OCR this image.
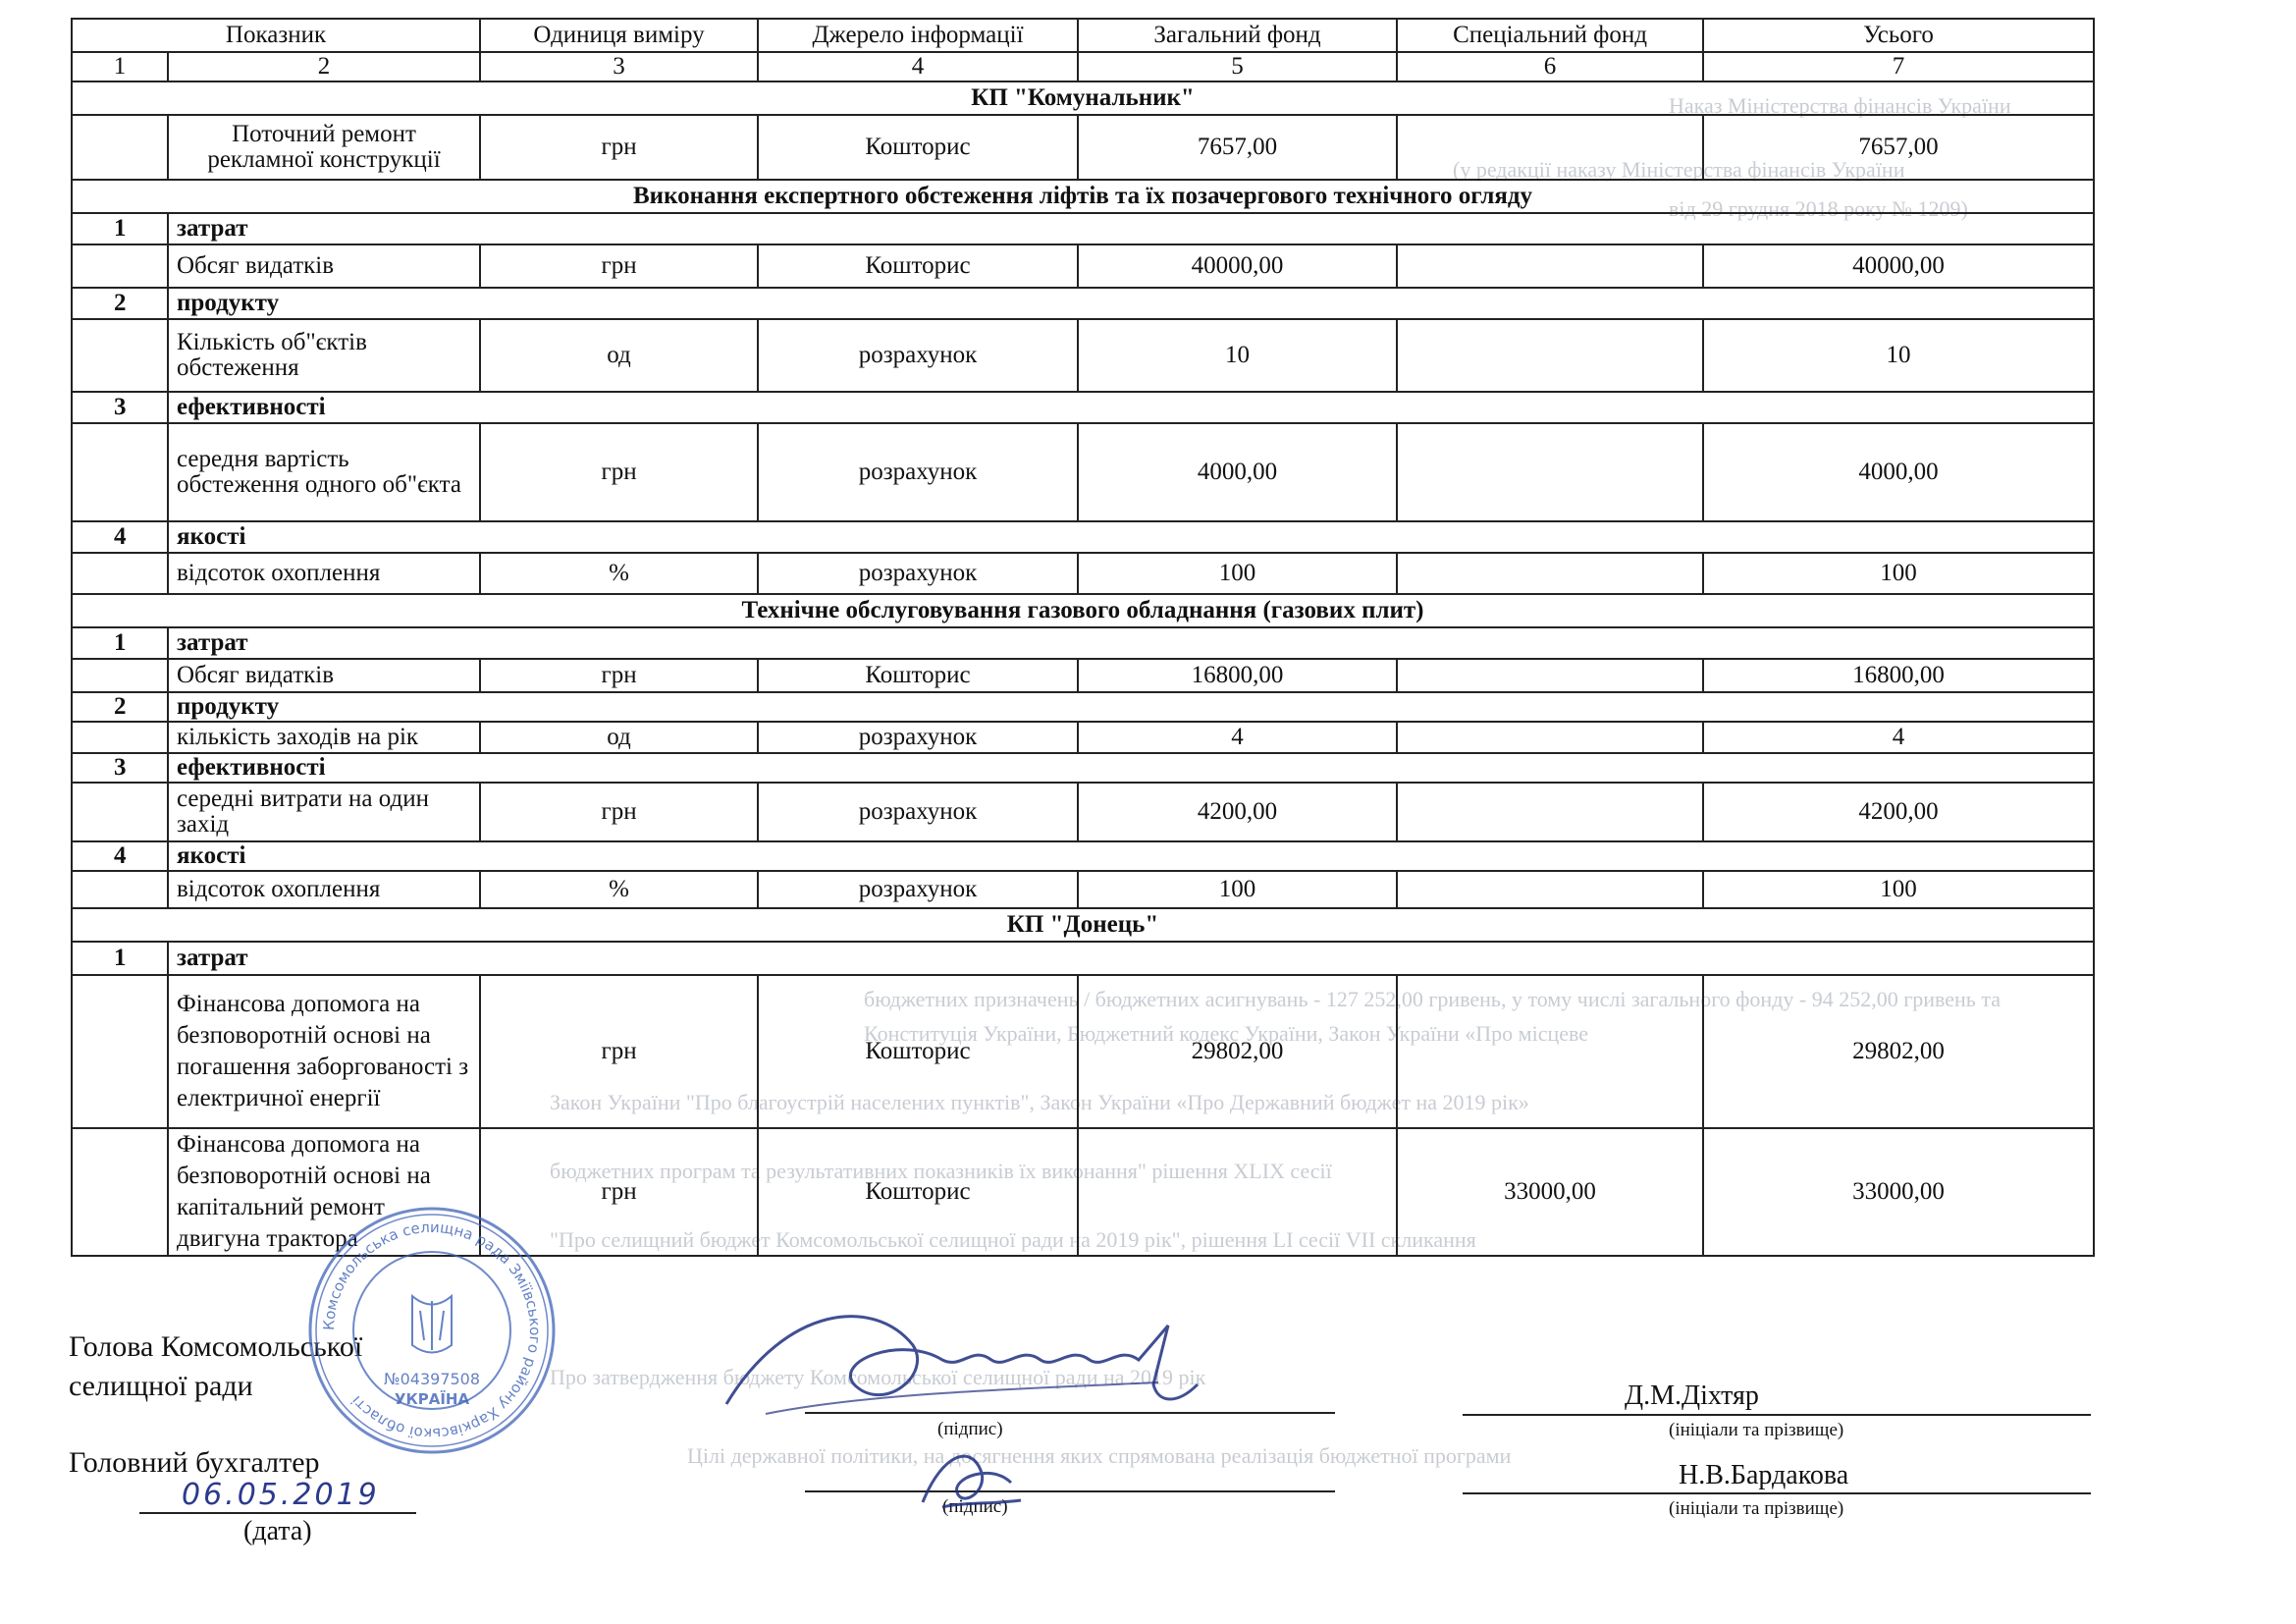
Наказ Міністерства фінансів України
(у редакції наказу Міністерства фінансів України
від 29 грудня 2018 року № 1209)
бюджетних призначень / бюджетних асигнувань - 127 252,00 гривень, у тому числі загального фонду - 94 252,00 гривень та
Конституція України, Бюджетний кодекс України, Закон України «Про місцеве
Закон України "Про благоустрій населених пунктів", Закон України «Про Державний бюджет на 2019 рік»
бюджетних програм та результативних показників їх виконання" рішення XLIX сесії
"Про селищний бюджет Комсомольської селищної ради на 2019 рік", рішення LI сесії VII скликання
Про затвердження бюджету Комсомольської селищної ради на 2019 рік
Цілі державної політики, на досягнення яких спрямована реалізація бюджетної програми
Показник		Одиниця виміру	Джерело інформації	Загальний фонд	Спеціальний фонд	Усього
1	2	3	4	5	6	7
КП "Комунальник"						
	Поточний ремонт рекламної конструкції	грн	Кошторис	7657,00		7657,00
Виконання експертного обстеження ліфтів та їх позачергового технічного огляду						
1	затрат					
	Обсяг видатків	грн	Кошторис	40000,00		40000,00
2	продукту					
	Кількість об"єктів обстеження	од	розрахунок	10		10
3	ефективності					
	середня вартість обстеження одного об"єкта	грн	розрахунок	4000,00		4000,00
4	якості					
	відсоток охоплення	%	розрахунок	100		100
Технічне обслуговування газового обладнання (газових плит)						
1	затрат					
	Обсяг видатків	грн	Кошторис	16800,00		16800,00
2	продукту					
	кількість заходів на рік	од	розрахунок	4		4
3	ефективності					
	середні витрати на один захід	грн	розрахунок	4200,00		4200,00
4	якості					
	відсоток охоплення	%	розрахунок	100		100
КП "Донець"						
1	затрат					
	Фінансова допомога на безповоротній основі на погашення заборгованості з електричної енергії	грн	Кошторис	29802,00		29802,00
	Фінансова допомога на безповоротній основі на капітальний ремонт двигуна трактора	грн	Кошторис		33000,00	33000,00
Голова Комсомольської
селищної ради
(підпис)
Д.М.Діхтяр
(ініціали та прізвище)
Головний бухгалтер
(підпис)
Н.В.Бардакова
(ініціали та прізвище)
06.05.2019
(дата)
Комсомольська селищна рада Зміївського району Харківської області
№04397508
УКРАЇНА
